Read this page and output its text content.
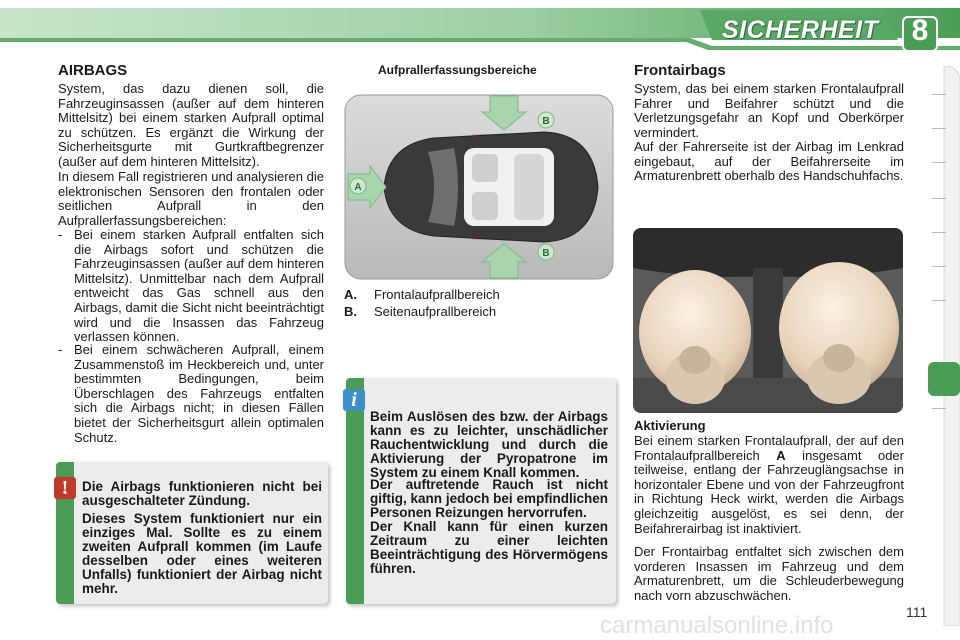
SICHERHEIT	8
AIRBAGS

System, das dazu dienen soll, die Fahrzeuginsassen (außer auf dem hinteren Mittelsitz) bei einem starken Aufprall optimal zu schützen. Es ergänzt die Wirkung der Sicherheitsgurte mit Gurtkraftbegrenzer (außer auf dem hinteren Mittelsitz).

In diesem Fall registrieren und analysieren die elektronischen Sensoren den frontalen oder seitlichen Aufprall in den Aufprallerfassungsbereichen:

- Bei einem starken Aufprall entfalten sich die Airbags sofort und schützen die Fahrzeuginsassen (außer auf dem hinteren Mittelsitz). Unmittelbar nach dem Aufprall entweicht das Gas schnell aus den Airbags, damit die Sicht nicht beeinträchtigt wird und die Insassen das Fahrzeug verlassen können.
- Bei einem schwächeren Aufprall, einem Zusammenstoß im Heckbereich und, unter bestimmten Bedingungen, beim Überschlagen des Fahrzeugs entfalten sich die Airbags nicht; in diesen Fällen bietet der Sicherheitsgurt allein optimalen Schutz.
Die Airbags funktionieren nicht bei ausgeschalteter Zündung.
Dieses System funktioniert nur ein einziges Mal. Sollte es zu einem zweiten Aufprall kommen (im Laufe desselben oder eines weiteren Unfalls) funktioniert der Airbag nicht mehr.
!
Aufprallerfassungsbereiche
A
B
B
A. Frontalaufprallbereich
B. Seitenaufprallbereich
Beim Auslösen des bzw. der Airbags kann es zu leichter, unschädlicher Rauchentwicklung und durch die Aktivierung der Pyropatrone im System zu einem Knall kommen.
Der auftretende Rauch ist nicht giftig, kann jedoch bei empfindlichen Personen Reizungen hervorrufen.
Der Knall kann für einen kurzen Zeitraum zu einer leichten Beeinträchtigung des Hörvermögens führen.
i
Frontairbags

System, das bei einem starken Frontalaufprall Fahrer und Beifahrer schützt und die Verletzungsgefahr an Kopf und Oberkörper vermindert.

Auf der Fahrerseite ist der Airbag im Lenkrad eingebaut, auf der Beifahrerseite im Armaturenbrett oberhalb des Handschuhfachs.

Aktivierung

Bei einem starken Frontalaufprall, der auf den Frontalaufprallbereich A insgesamt oder teilweise, entlang der Fahrzeuglängsachse in horizontaler Ebene und von der Fahrzeugfront in Richtung Heck wirkt, werden die Airbags gleichzeitig ausgelöst, es sei denn, der Beifahrerairbag ist inaktiviert.

Der Frontairbag entfaltet sich zwischen dem vorderen Insassen im Fahrzeug und dem Armaturenbrett, um die Schleuderbewegung nach vorn abzuschwächen.

carmanualsonline.info	111
